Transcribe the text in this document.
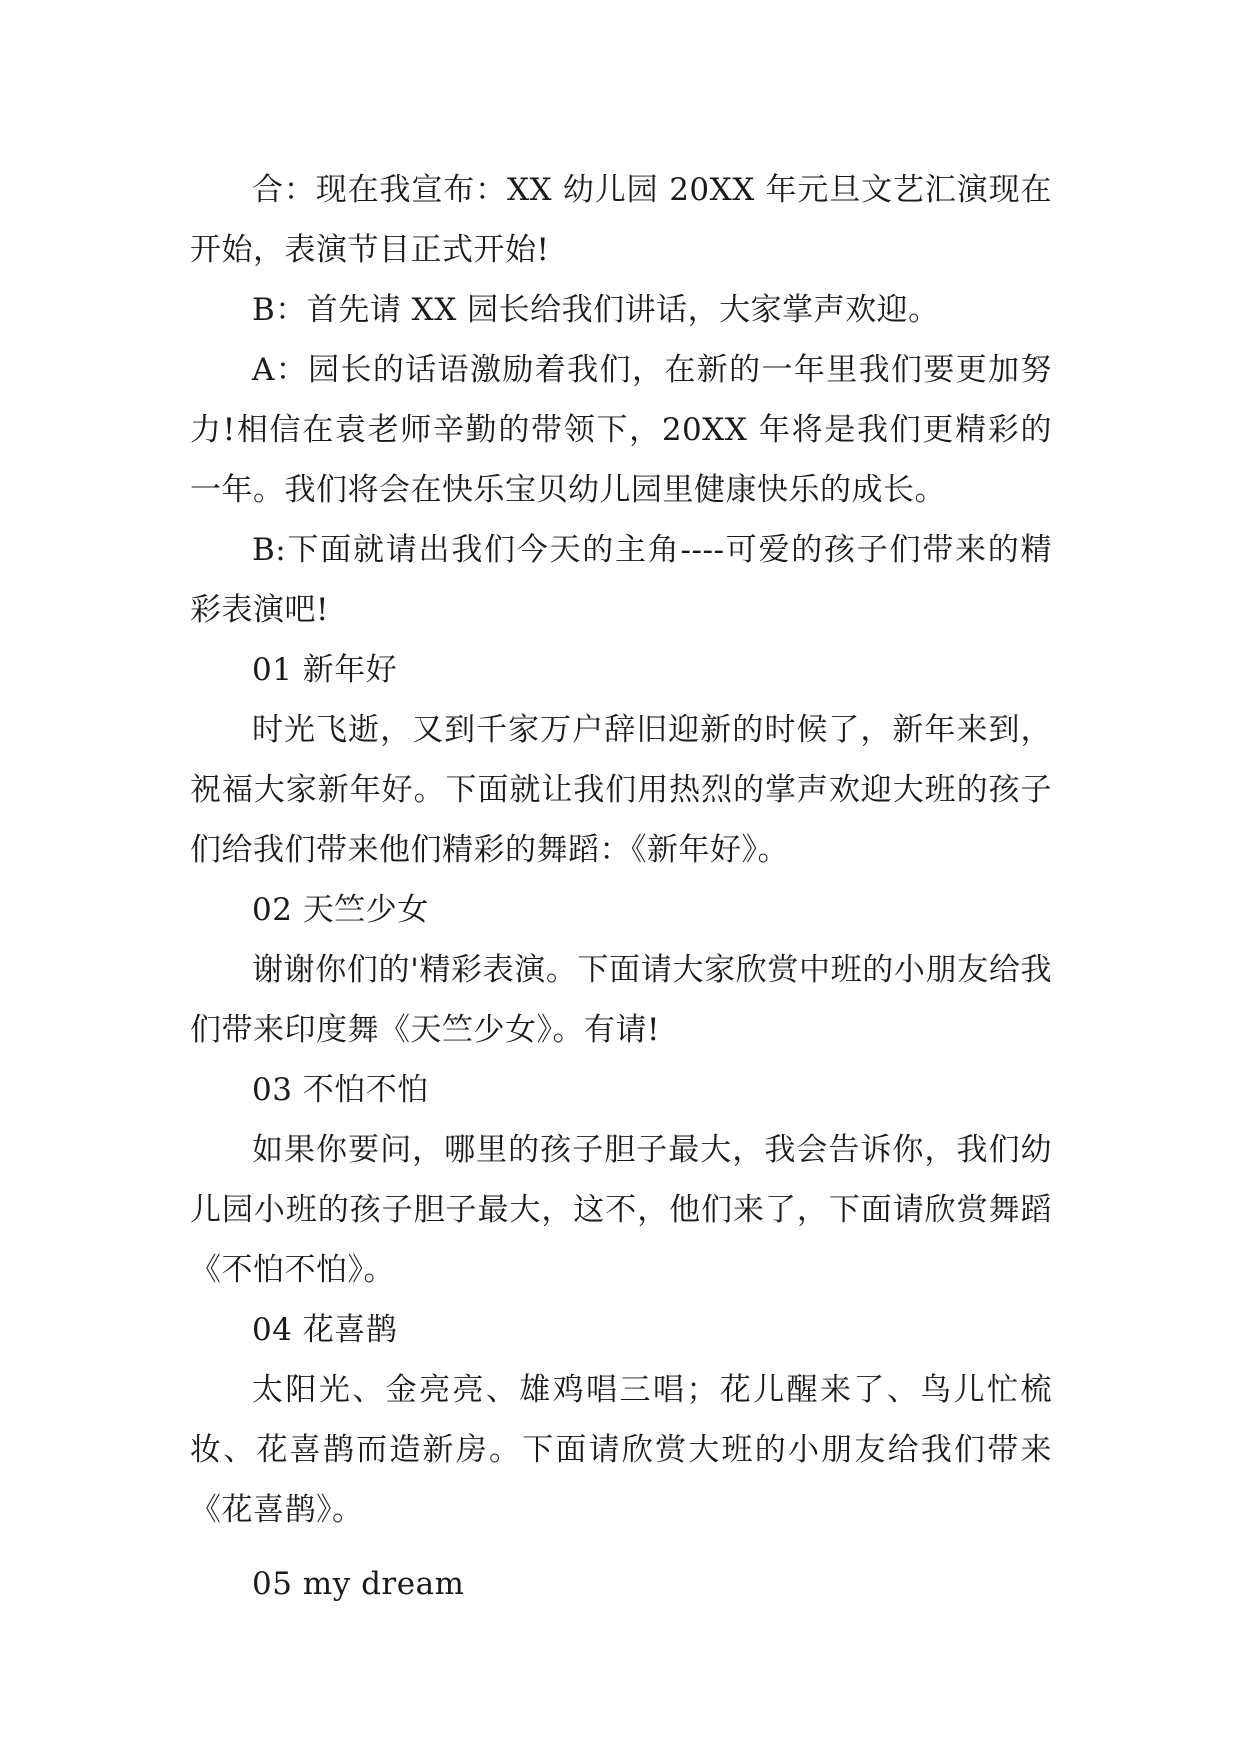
合：现在我宣布：XX 幼儿园 20XX 年元旦文艺汇演现在开始，表演节目正式开始!

B：首先请 XX 园长给我们讲话，大家掌声欢迎。

A：园长的话语激励着我们，在新的一年里我们要更加努力!相信在袁老师辛勤的带领下，20XX 年将是我们更精彩的一年。我们将会在快乐宝贝幼儿园里健康快乐的成长。

B:下面就请出我们今天的主角----可爱的孩子们带来的精彩表演吧!

01 新年好

时光飞逝，又到千家万户辞旧迎新的时候了，新年来到，祝福大家新年好。下面就让我们用热烈的掌声欢迎大班的孩子们给我们带来他们精彩的舞蹈：《新年好》。

02 天竺少女

谢谢你们的'精彩表演。下面请大家欣赏中班的小朋友给我们带来印度舞《天竺少女》。有请!

03 不怕不怕

如果你要问，哪里的孩子胆子最大，我会告诉你，我们幼儿园小班的孩子胆子最大，这不，他们来了，下面请欣赏舞蹈《不怕不怕》。

04 花喜鹊

太阳光、金亮亮、雄鸡唱三唱；花儿醒来了、鸟儿忙梳妆、花喜鹊而造新房。下面请欣赏大班的小朋友给我们带来《花喜鹊》。

05 my dream
